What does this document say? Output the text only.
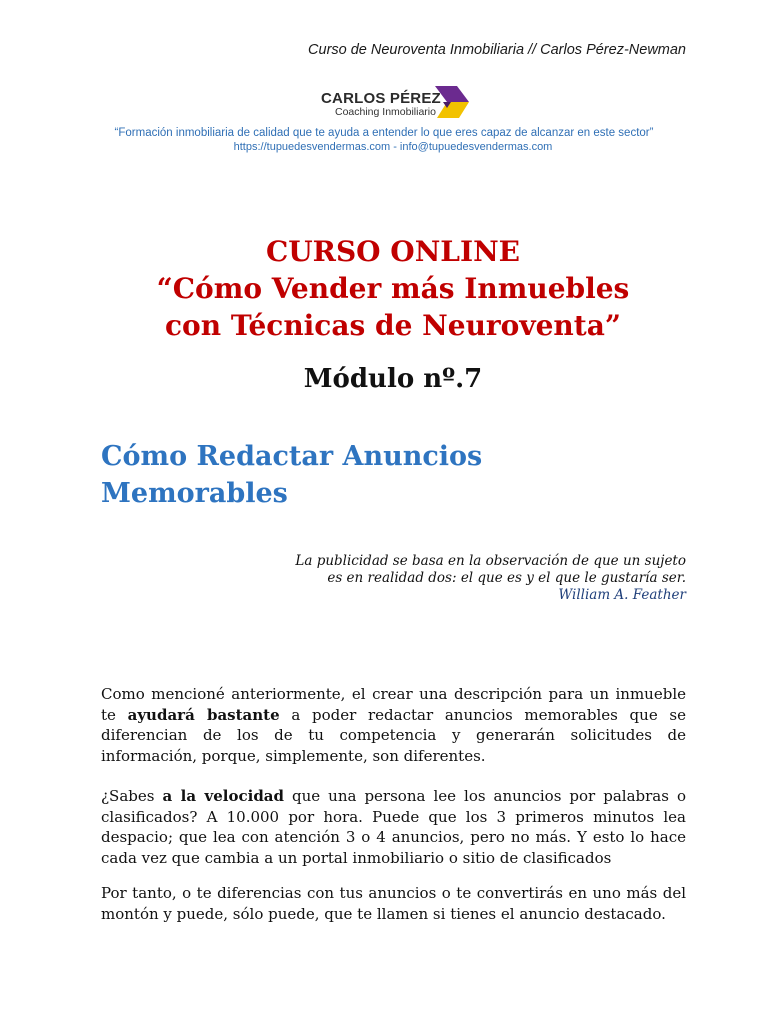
Curso de Neuroventa Inmobiliaria // Carlos Pérez-Newman
CARLOS PÉREZ
Coaching Inmobiliario
“Formación inmobiliaria de calidad que te ayuda a entender lo que eres capaz de alcanzar en este sector”
https://tupuedesvendermas.com - info@tupuedesvendermas.com
CURSO ONLINE
“Cómo Vender más Inmuebles
con Técnicas de Neuroventa”
Módulo nº.7
Cómo Redactar Anuncios
Memorables
La publicidad se basa en la observación de que un sujeto
es en realidad dos: el que es y el que le gustaría ser.
William A. Feather
Como mencioné anteriormente, el crear una descripción para un inmueble te ayudará bastante a poder redactar anuncios memorables que se diferencian de los de tu competencia y generarán solicitudes de información, porque, simplemente, son diferentes.
¿Sabes a la velocidad que una persona lee los anuncios por palabras o clasificados? A 10.000 por hora. Puede que los 3 primeros minutos lea despacio; que lea con atención 3 o 4 anuncios, pero no más. Y esto lo hace cada vez que cambia a un portal inmobiliario o sitio de clasificados
Por tanto, o te diferencias con tus anuncios o te convertirás en uno más del montón y puede, sólo puede, que te llamen si tienes el anuncio destacado.
